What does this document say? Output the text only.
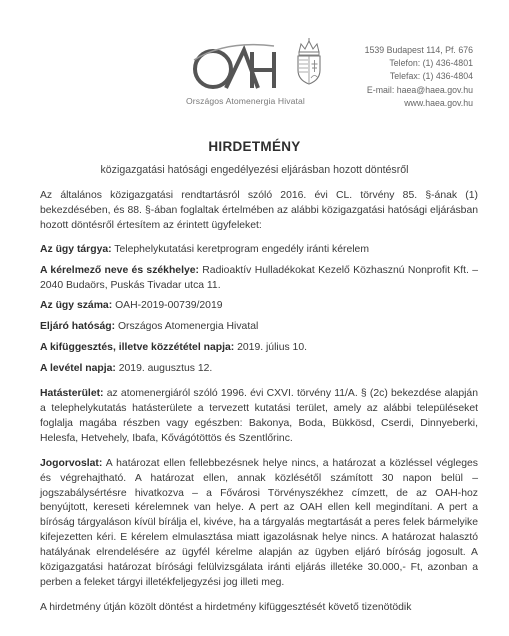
Országos Atomenergia Hivatal
1539 Budapest 114, Pf. 676
Telefon: (1) 436-4801
Telefax: (1) 436-4804
E-mail: haea@haea.gov.hu
www.haea.gov.hu
HIRDETMÉNY
közigazgatási hatósági engedélyezési eljárásban hozott döntésről

Az általános közigazgatási rendtartásról szóló 2016. évi CL. törvény 85. §-ának (1) bekezdésében, és 88. §-ában foglaltak értelmében az alábbi közigazgatási hatósági eljárásban hozott döntésről értesítem az érintett ügyfeleket:

Az ügy tárgya: Telephelykutatási keretprogram engedély iránti kérelem

A kérelmező neve és székhelye: Radioaktív Hulladékokat Kezelő Közhasznú Nonprofit Kft. – 2040 Budaörs, Puskás Tivadar utca 11.

Az ügy száma: OAH-2019-00739/2019

Eljáró hatóság: Országos Atomenergia Hivatal

A kifüggesztés, illetve közzététel napja: 2019. július 10.

A levétel napja: 2019. augusztus 12.

Hatásterület: az atomenergiáról szóló 1996. évi CXVI. törvény 11/A. § (2c) bekezdése alapján a telephelykutatás hatásterülete a tervezett kutatási terület, amely az alábbi településeket foglalja magába részben vagy egészben: Bakonya, Boda, Bükkösd, Cserdi, Dinnyeberki, Helesfa, Hetvehely, Ibafa, Kővágótöttös és Szentlőrinc.

Jogorvoslat: A határozat ellen fellebbezésnek helye nincs, a határozat a közléssel végleges és végrehajtható. A határozat ellen, annak közlésétől számított 30 napon belül – jogszabálysértésre hivatkozva – a Fővárosi Törvényszékhez címzett, de az OAH-hoz benyújtott, kereseti kérelemnek van helye. A pert az OAH ellen kell megindítani. A pert a bíróság tárgyaláson kívül bírálja el, kivéve, ha a tárgyalás megtartását a peres felek bármelyike kifejezetten kéri. E kérelem elmulasztása miatt igazolásnak helye nincs. A határozat halasztó hatályának elrendelésére az ügyfél kérelme alapján az ügyben eljáró bíróság jogosult. A közigazgatási határozat bírósági felülvizsgálata iránti eljárás illetéke 30.000,- Ft, azonban a perben a feleket tárgyi illetékfeljegyzési jog illeti meg.

A hirdetmény útján közölt döntést a hirdetmény kifüggesztését követő tizenötödik
